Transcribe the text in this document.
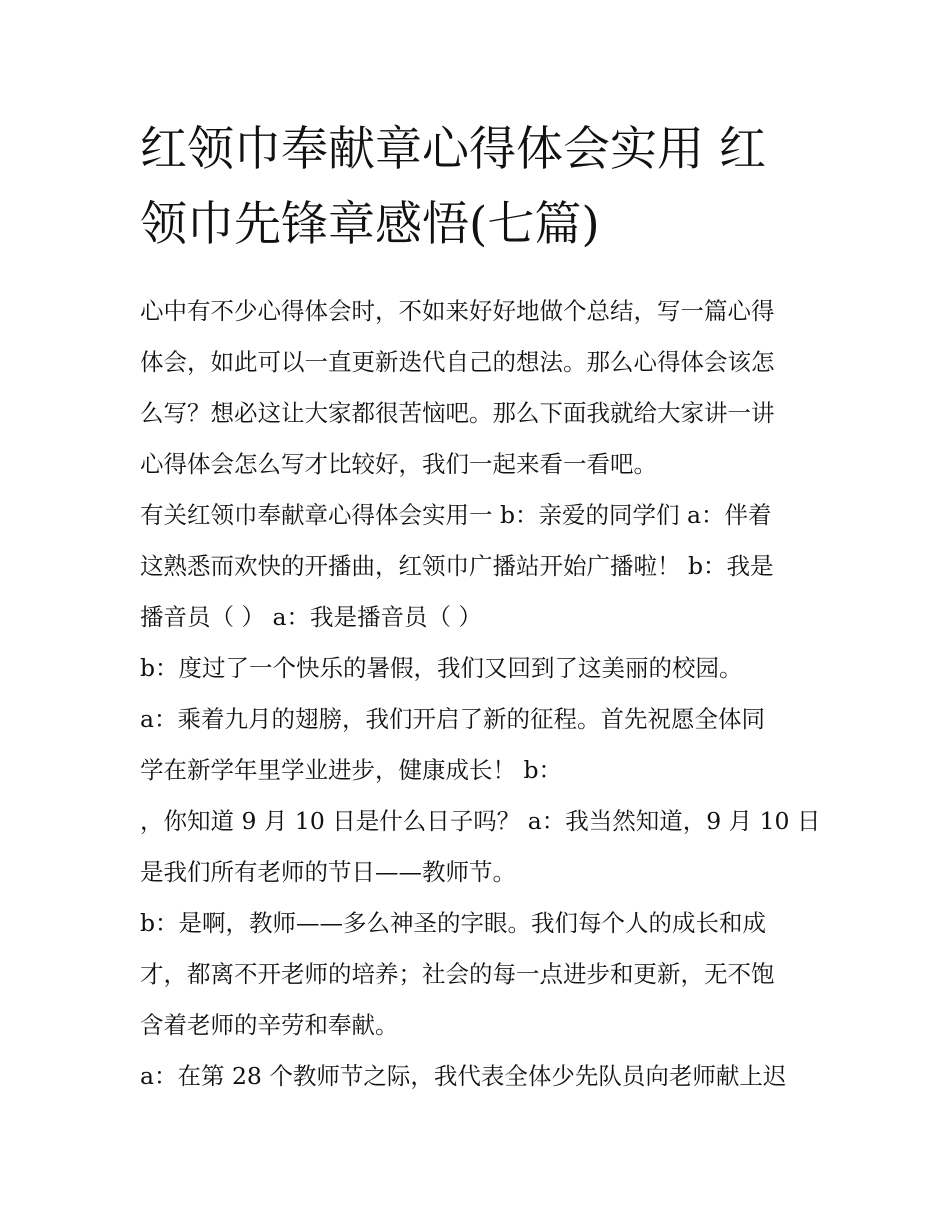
红领巾奉献章心得体会实用 红
领巾先锋章感悟(七篇)

心中有不少心得体会时，不如来好好地做个总结，写一篇心得
体会，如此可以一直更新迭代自己的想法。那么心得体会该怎
么写？想必这让大家都很苦恼吧。那么下面我就给大家讲一讲
心得体会怎么写才比较好，我们一起来看一看吧。

有关红领巾奉献章心得体会实用一 b：亲爱的同学们 a：伴着
这熟悉而欢快的开播曲，红领巾广播站开始广播啦！ b：我是
播音员（ ） a：我是播音员（ ）

b：度过了一个快乐的暑假，我们又回到了这美丽的校园。

a：乘着九月的翅膀，我们开启了新的征程。首先祝愿全体同
学在新学年里学业进步，健康成长！ b：

，你知道 9 月 10 日是什么日子吗？ a：我当然知道，9 月 10 日
是我们所有老师的节日——教师节。

b：是啊，教师——多么神圣的字眼。我们每个人的成长和成
才，都离不开老师的培养；社会的每一点进步和更新，无不饱
含着老师的辛劳和奉献。

a：在第 28 个教师节之际，我代表全体少先队员向老师献上迟
